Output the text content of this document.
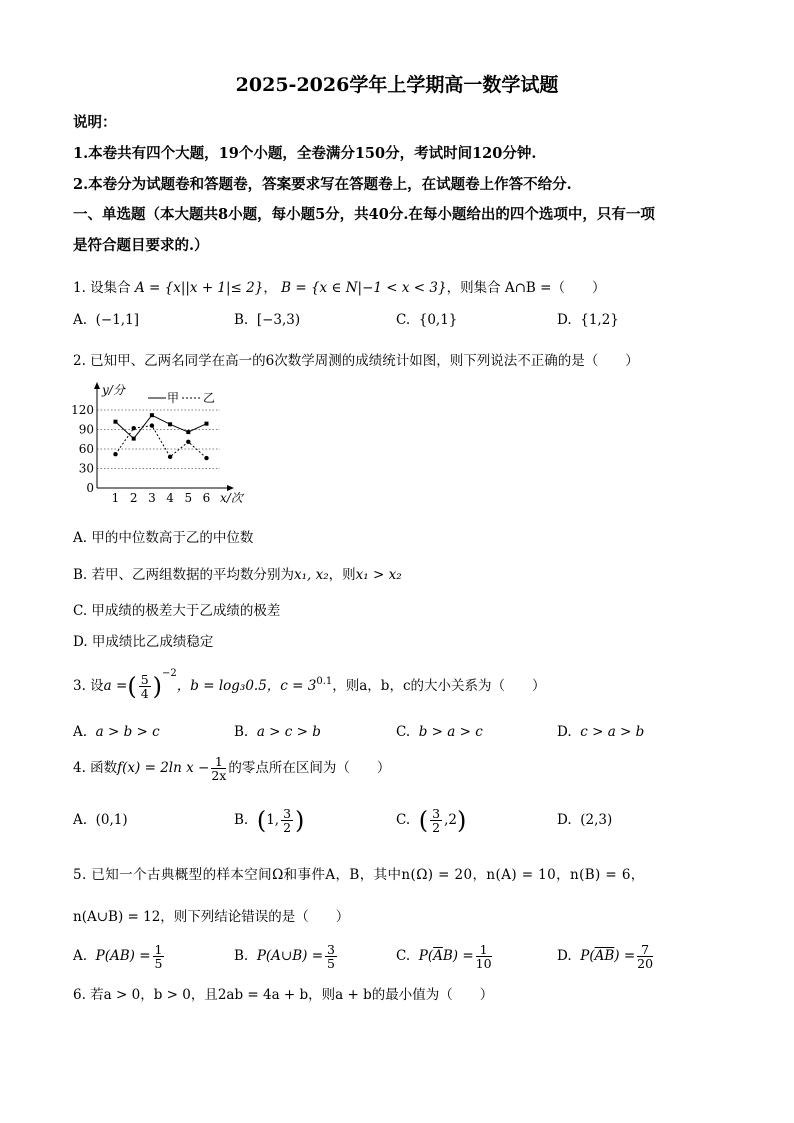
2025-2026学年上学期高一数学试题
说明：
1.本卷共有四个大题，19个小题，全卷满分150分，考试时间120分钟.
2.本卷分为试题卷和答题卷，答案要求写在答题卷上，在试题卷上作答不给分.
一、单选题（本大题共8小题，每小题5分，共40分.在每小题给出的四个选项中，只有一项
是符合题目要求的.）
1. 设集合 A = {x||x + 1|≤ 2}， B = {x ∈ N|−1 < x < 3}，则集合 A∩B =（　　）
A. (−1,1]	B. [−3,3)	C. {0,1}	D. {1,2}
2. 已知甲、乙两名同学在高一的6次数学周测的成绩统计如图，则下列说法不正确的是（　　）
0
30
60
90
120
1 2 3 4 5 6
y/分
x/次
甲 乙
A. 甲的中位数高于乙的中位数
B. 若甲、乙两组数据的平均数分别为x₁, x₂，则x₁ > x₂
C. 甲成绩的极差大于乙成绩的极差
D. 甲成绩比乙成绩稳定
3. 设a =( $\frac{5}{4} )^{-2}$，b = log₃0.5，$c = 3^{0.1}$，则a，b，c的大小关系为（　　）
A. a > b > c	B. a > c > b	C. b > a > c	D. c > a > b
4. 函数f(x) = 2ln $x - \frac{1}{2x}$ 的零点所在区间为（　　）
A. (0,1)	B. (1, $\frac{3}{2}$ )	C. ( $\frac{3}{2} ,2$)	D. (2,3)
5. 已知一个古典概型的样本空间Ω和事件A，B，其中n(Ω) = 20，n(A) = 10，n(B) = 6，
n(A∪B) = 12，则下列结论错误的是（　　）
A. $P(AB) = \frac{1}{5}$	B. P(A∪B) = $\frac{3}{5}$	C. $P(\overline{A}B) = \frac{1}{10}$	D. $P(\overline{AB}) = \frac{7}{20}$
6. 若a > 0，b > 0，且2ab = 4a + b，则a + b的最小值为（　　）
